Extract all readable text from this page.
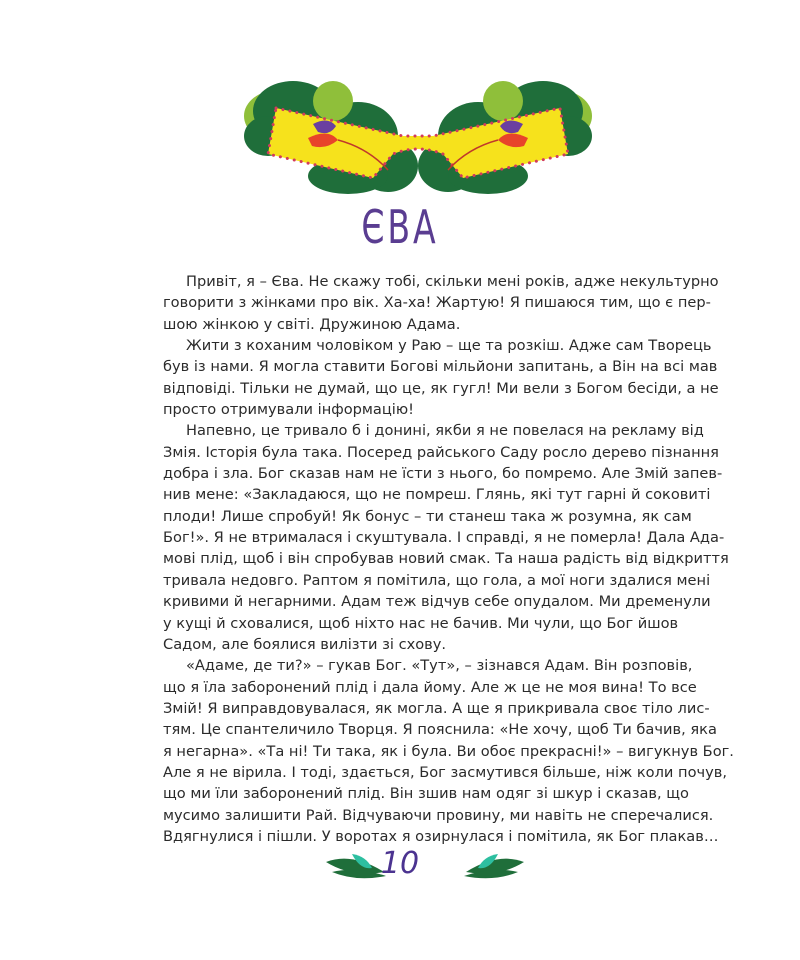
ЄВА
Привіт, я – Єва. Не скажу тобі, скільки мені років, адже некультурно
говорити з жінками про вік. Ха-ха! Жартую! Я пишаюся тим, що є пер-
шою жінкою у світі. Дружиною Адама.
Жити з коханим чоловіком у Раю – ще та розкіш. Адже сам Творець
був із нами. Я могла ставити Богові мільйони запитань, а Він на всі мав
відповіді. Тільки не думай, що це, як гугл! Ми вели з Богом бесіди, а не
просто отримували інформацію!
Напевно, це тривало б і донині, якби я не повелася на рекламу від
Змія. Історія була така. Посеред райського Саду росло дерево пізнання
добра і зла. Бог сказав нам не їсти з нього, бо помремо. Але Змій запев-
нив мене: «Закладаюся, що не помреш. Глянь, які тут гарні й соковиті
плоди! Лише спробуй! Як бонус – ти станеш така ж розумна, як сам
Бог!». Я не втрималася і скуштувала. І справді, я не померла! Дала Ада-
мові плід, щоб і він спробував новий смак. Та наша радість від відкриття
тривала недовго. Раптом я помітила, що гола, а мої ноги здалися мені
кривими й негарними. Адам теж відчув себе опудалом. Ми дременули
у кущі й сховалися, щоб ніхто нас не бачив. Ми чули, що Бог йшов
Садом, але боялися вилізти зі схову.
«Адаме, де ти?» – гукав Бог. «Тут», – зізнався Адам. Він розповів,
що я їла заборонений плід і дала йому. Але ж це не моя вина! То все
Змій! Я виправдовувалася, як могла. А ще я прикривала своє тіло лис-
тям. Це спантеличило Творця. Я пояснила: «Не хочу, щоб Ти бачив, яка
я негарна». «Та ні! Ти така, як і була. Ви обоє прекрасні!» – вигукнув Бог.
Але я не вірила. І тоді, здається, Бог засмутився більше, ніж коли почув,
що ми їли заборонений плід. Він зшив нам одяг зі шкур і сказав, що
мусимо залишити Рай. Відчуваючи провину, ми навіть не сперечалися.
Вдягнулися і пішли. У воротах я озирнулася і помітила, як Бог плакав…
10
